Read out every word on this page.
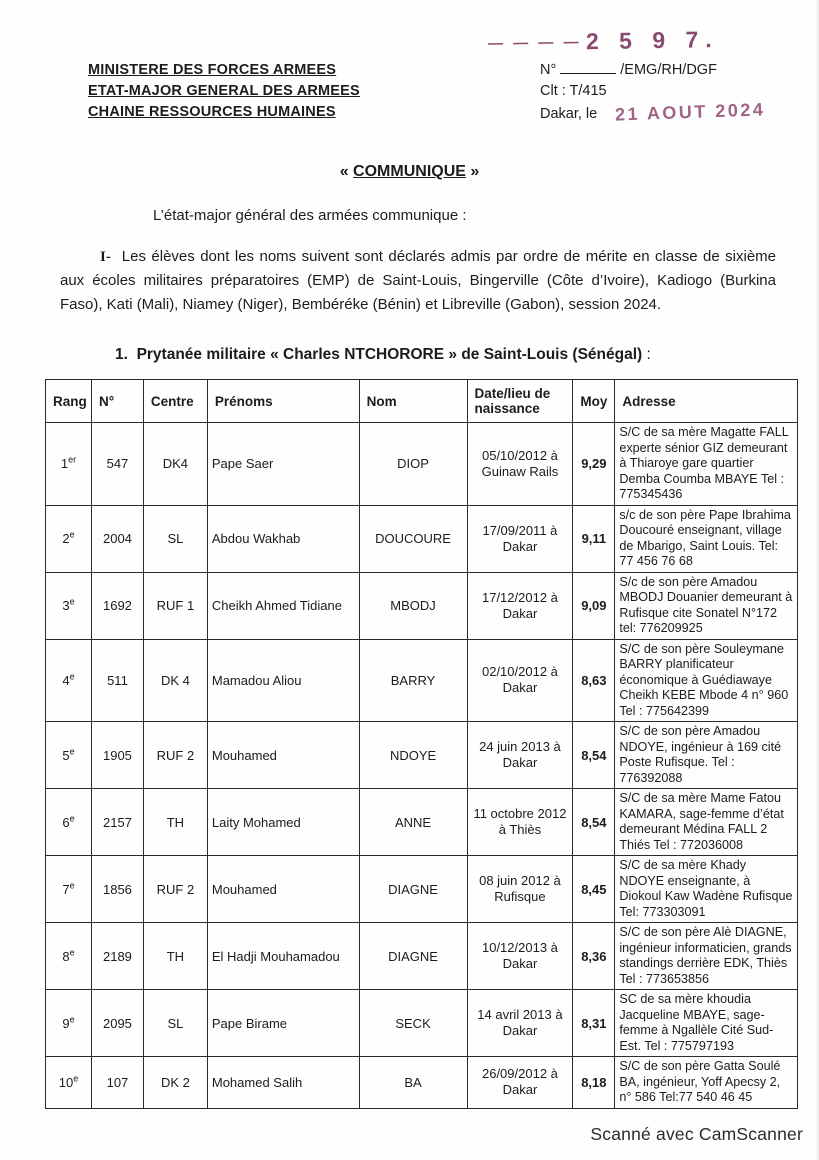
MINISTERE DES FORCES ARMEES
ETAT-MAJOR GENERAL DES ARMEES
CHAINE RESSOURCES HUMAINES
— — — — 2 5 9 7.
N°	/EMG/RH/DGF
Clt : T/415
Dakar, le 21 AOUT 2024
« COMMUNIQUE »
L’état-major général des armées communique :

I- Les élèves dont les noms suivent sont déclarés admis par ordre de mérite en classe de sixième aux écoles militaires préparatoires (EMP) de Saint-Louis, Bingerville (Côte d’Ivoire), Kadiogo (Burkina Faso), Kati (Mali), Niamey (Niger), Bembéréke (Bénin) et Libreville (Gabon), session 2024.

1. Prytanée militaire « Charles NTCHORORE » de Saint-Louis (Sénégal) :
Rang	N°	Centre	Prénoms	Nom	Date/lieu de naissance	Moy	Adresse
1er	547	DK4	Pape Saer	DIOP	05/10/2012 à Guinaw Rails	9,29	S/C de sa mère Magatte FALL experte sénior GIZ demeurant à Thiaroye gare quartier Demba Coumba MBAYE Tel : 775345436
2e	2004	SL	Abdou Wakhab	DOUCOURE	17/09/2011 à Dakar	9,11	s/c de son père Pape Ibrahima Doucouré enseignant, village de Mbarigo, Saint Louis. Tel: 77 456 76 68
3e	1692	RUF 1	Cheikh Ahmed Tidiane	MBODJ	17/12/2012 à Dakar	9,09	S/c de son père Amadou MBODJ Douanier demeurant à Rufisque cite Sonatel N°172 tel: 776209925
4e	511	DK 4	Mamadou Aliou	BARRY	02/10/2012 à Dakar	8,63	S/C de son père Souleymane BARRY planificateur économique à Guédiawaye Cheikh KEBE Mbode 4 n° 960 Tel : 775642399
5e	1905	RUF 2	Mouhamed	NDOYE	24 juin 2013 à Dakar	8,54	S/C de son père Amadou NDOYE, ingénieur à 169 cité Poste Rufisque. Tel : 776392088
6e	2157	TH	Laity Mohamed	ANNE	11 octobre 2012 à Thiès	8,54	S/C de sa mère Mame Fatou KAMARA, sage-femme d’état demeurant Médina FALL 2 Thiés Tel : 772036008
7e	1856	RUF 2	Mouhamed	DIAGNE	08 juin 2012 à Rufisque	8,45	S/C de sa mère Khady NDOYE enseignante, à Diokoul Kaw Wadène Rufisque Tel: 773303091
8e	2189	TH	El Hadji Mouhamadou	DIAGNE	10/12/2013 à Dakar	8,36	S/C de son père Alè DIAGNE, ingénieur informaticien, grands standings derrière EDK, Thiès Tel : 773653856
9e	2095	SL	Pape Birame	SECK	14 avril 2013 à Dakar	8,31	SC de sa mère khoudia Jacqueline MBAYE, sage-femme à Ngallèle Cité Sud-Est. Tel : 775797193
10e	107	DK 2	Mohamed Salih	BA	26/09/2012 à Dakar	8,18	S/C de son père Gatta Soulé BA, ingénieur, Yoff Apecsy 2, n° 586 Tel:77 540 46 45
Scanné avec CamScanner
